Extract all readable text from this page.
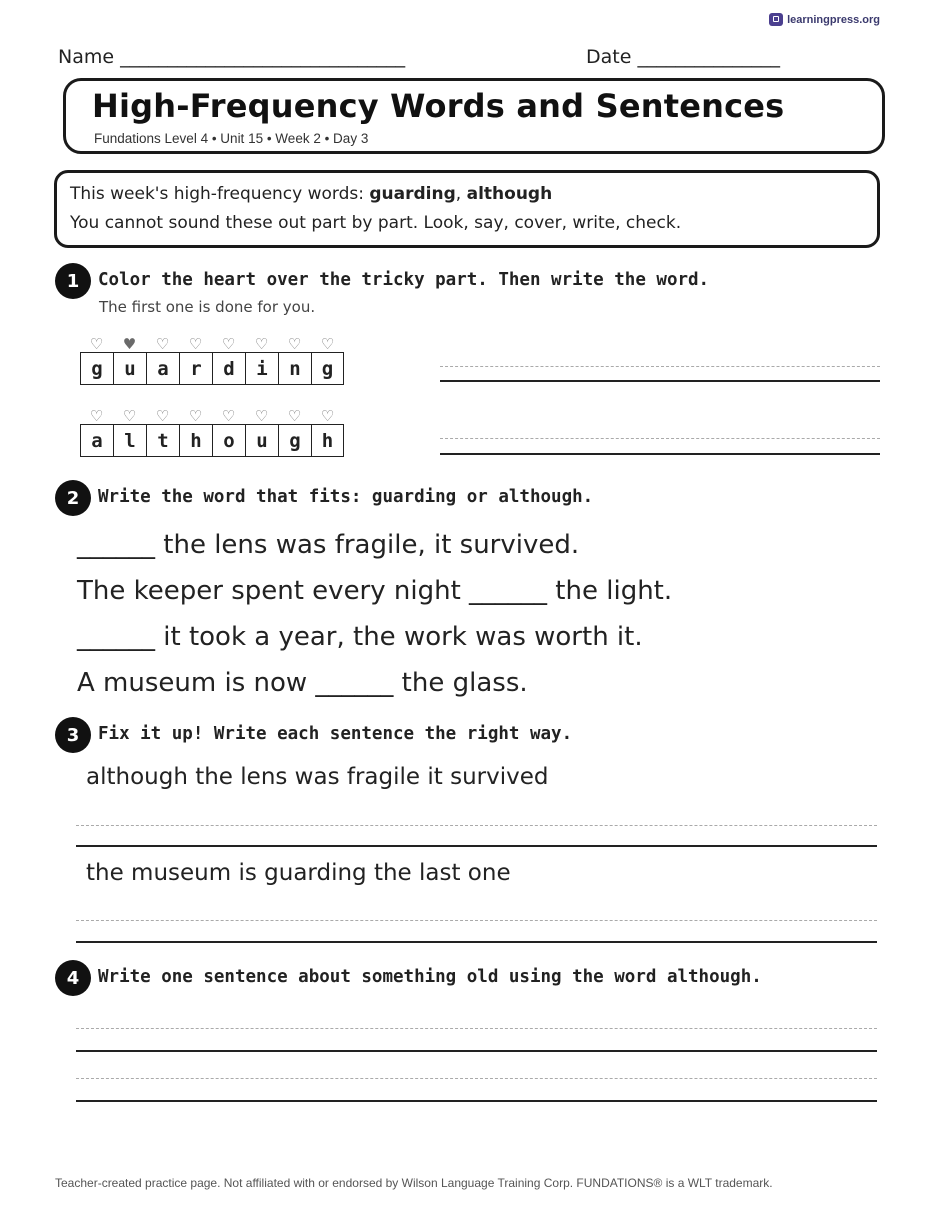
learningpress.org
Name ______________________________	Date _______________
High-Frequency Words and Sentences
Fundations Level 4 • Unit 15 • Week 2 • Day 3
This week's high-frequency words: guarding, although
You cannot sound these out part by part. Look, say, cover, write, check.
1	Color the heart over the tricky part. Then write the word.
The first one is done for you.
♡	♥	♡	♡	♡	♡	♡	♡
g	u	a	r	d	i	n	g
♡	♡	♡	♡	♡	♡	♡	♡
a	l	t	h	o	u	g	h
2	Write the word that fits: guarding or although.
______ the lens was fragile, it survived.
The keeper spent every night ______ the light.
______ it took a year, the work was worth it.
A museum is now ______ the glass.
3	Fix it up! Write each sentence the right way.
although the lens was fragile it survived
the museum is guarding the last one
4	Write one sentence about something old using the word although.
Teacher-created practice page. Not affiliated with or endorsed by Wilson Language Training Corp. FUNDATIONS® is a WLT trademark.
